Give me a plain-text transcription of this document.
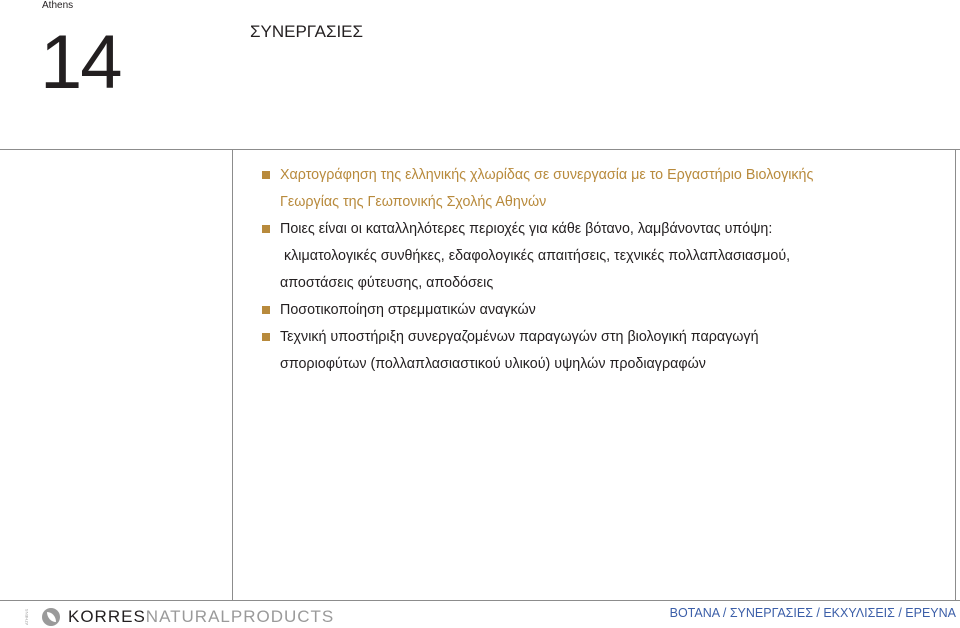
Athens
14	ΣΥΝΕΡΓΑΣΙΕΣ
Χαρτογράφηση της ελληνικής χλωρίδας σε συνεργασία με το Εργαστήριο Βιολογικής
Γεωργίας της Γεωπονικής Σχολής Αθηνών
Ποιες είναι οι καταλληλότερες περιοχές για κάθε βότανο, λαμβάνοντας υπόψη:
κλιματολογικές συνθήκες, εδαφολογικές απαιτήσεις, τεχνικές πολλαπλασιασμού,
αποστάσεις φύτευσης, αποδόσεις
Ποσοτικοποίηση στρεμματικών αναγκών
Τεχνική υποστήριξη συνεργαζομένων παραγωγών στη βιολογική παραγωγή
σποριοφύτων (πολλαπλασιαστικού υλικού) υψηλών προδιαγραφών
ATHENS KORRESNATURALPRODUCTS	ΒΟΤΑΝΑ / ΣΥΝΕΡΓΑΣΙΕΣ / ΕΚΧΥΛΙΣΕΙΣ / ΕΡΕΥΝΑ
